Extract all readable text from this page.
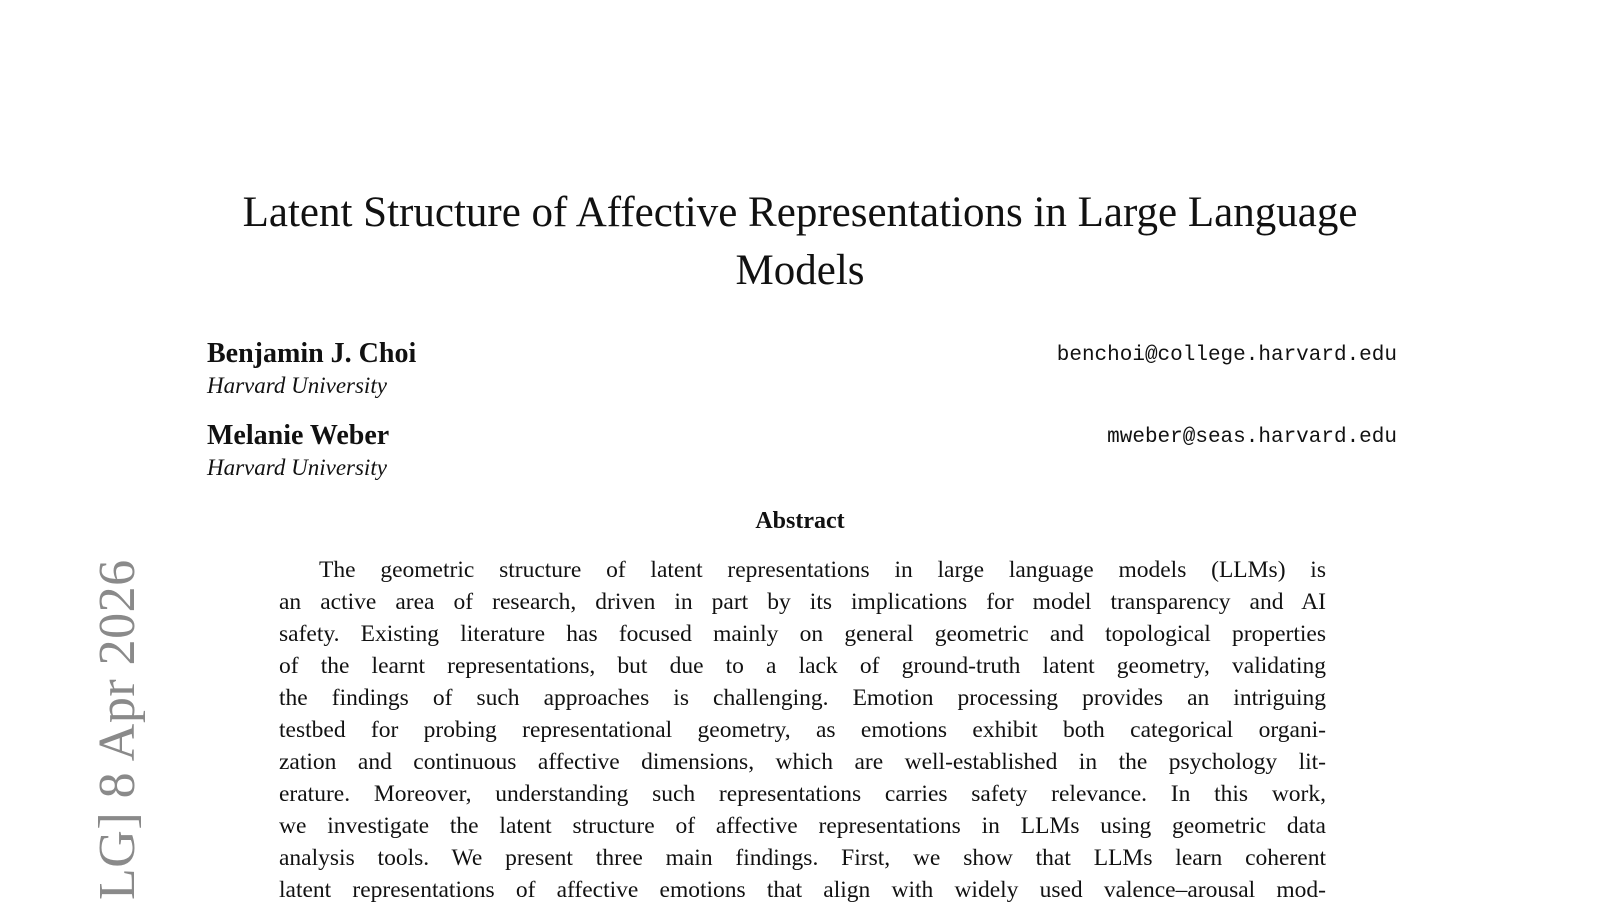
LG] 8 Apr 2026
Latent Structure of Affective Representations in Large Language
Models
Benjamin J. Choi	benchoi@college.harvard.edu
Harvard University
Melanie Weber	mweber@seas.harvard.edu
Harvard University
Abstract
The geometric structure of latent representations in large language models (LLMs) is
an active area of research, driven in part by its implications for model transparency and AI
safety. Existing literature has focused mainly on general geometric and topological properties
of the learnt representations, but due to a lack of ground-truth latent geometry, validating
the findings of such approaches is challenging. Emotion processing provides an intriguing
testbed for probing representational geometry, as emotions exhibit both categorical organi-
zation and continuous affective dimensions, which are well-established in the psychology lit-
erature. Moreover, understanding such representations carries safety relevance. In this work,
we investigate the latent structure of affective representations in LLMs using geometric data
analysis tools. We present three main findings. First, we show that LLMs learn coherent
latent representations of affective emotions that align with widely used valence–arousal mod-
